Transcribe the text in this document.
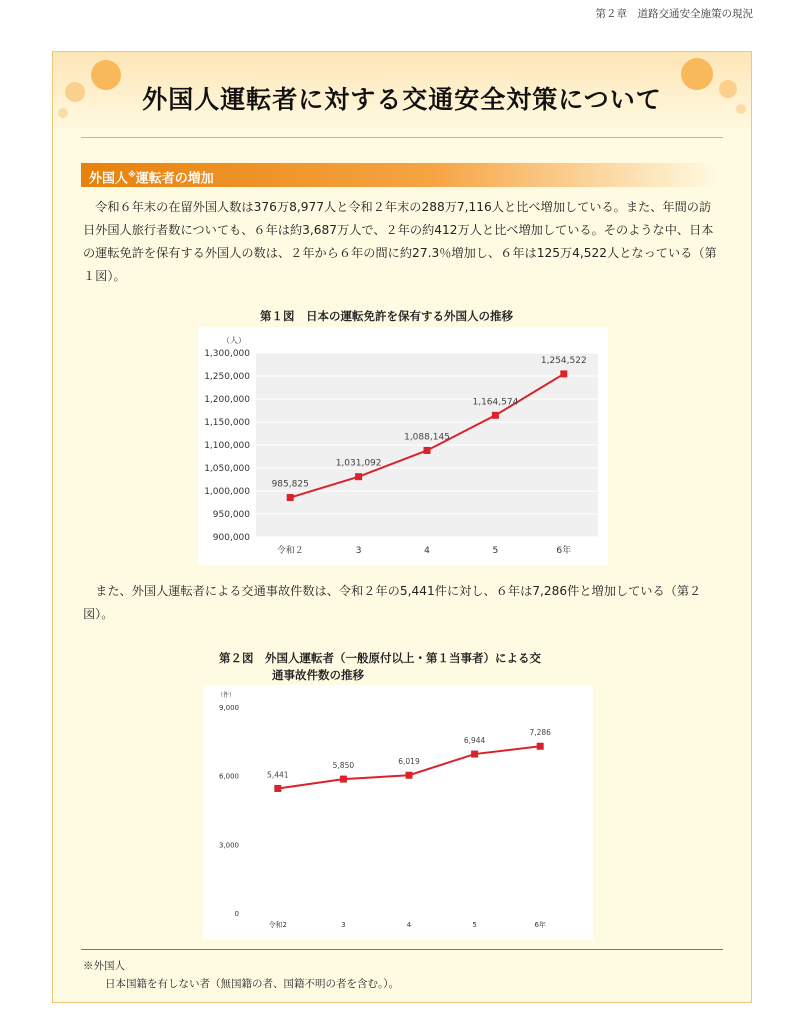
第２章　道路交通安全施策の現況
外国人運転者に対する交通安全対策について
外国人※運転者の増加

　令和６年末の在留外国人数は376万8,977人と令和２年末の288万7,116人と比べ増加している。また、年間の訪日外国人旅行者数についても、６年は約3,687万人で、２年の約412万人と比べ増加している。そのような中、日本の運転免許を保有する外国人の数は、２年から６年の間に約27.3％増加し、６年は125万4,522人となっている（第１図）。

第１図　日本の運転免許を保有する外国人の推移
900,000
950,000
1,000,000
1,050,000
1,100,000
1,150,000
1,200,000
1,250,000
1,300,000
（人）
令和２	3	4	5	6年
985,825
1,031,092
1,088,145
1,164,574
1,254,522

　また、外国人運転者による交通事故件数は、令和２年の5,441件に対し、６年は7,286件と増加している（第２図）。

第２図　外国人運転者（一般原付以上・第１当事者）による交
通事故件数の推移
0
3,000
6,000
9,000
（件）
令和2	3	4	5	6年
5,441
5,850	6,019
6,944
7,286
※外国人
日本国籍を有しない者（無国籍の者、国籍不明の者を含む。）。
